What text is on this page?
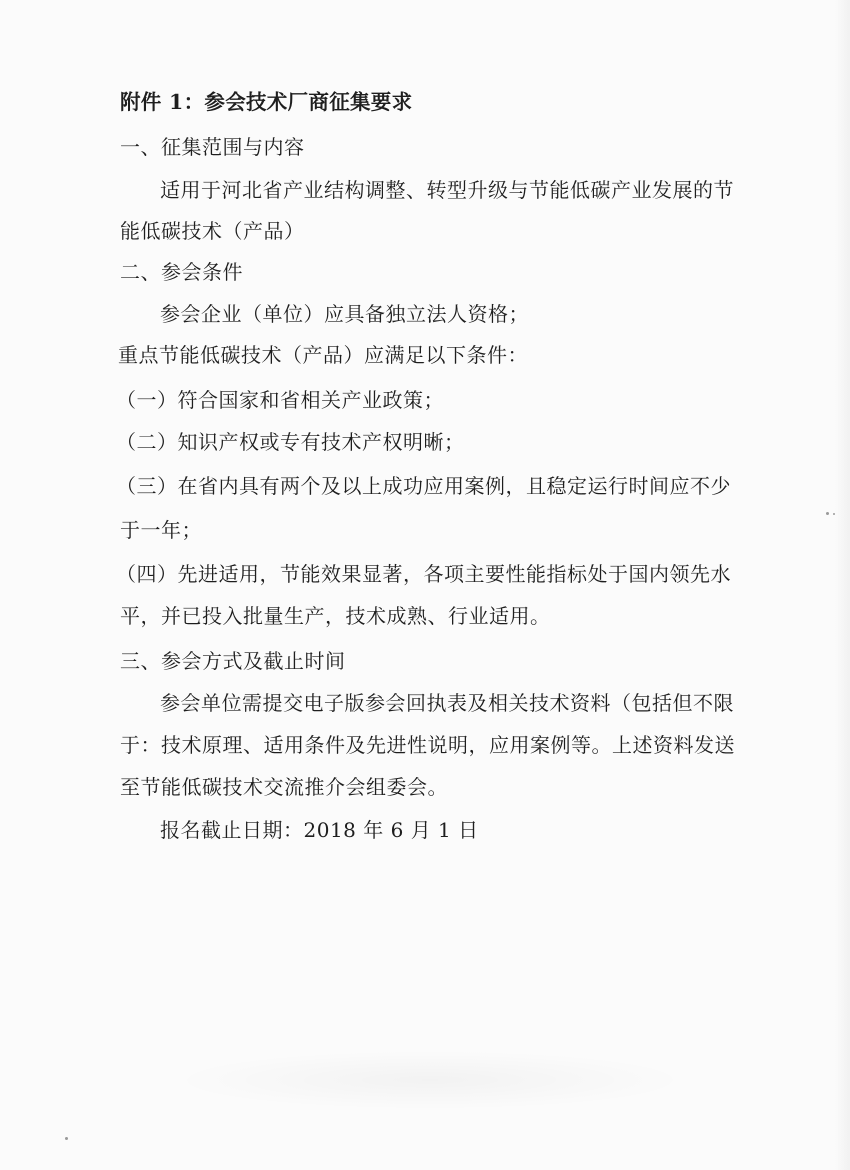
附件 1：参会技术厂商征集要求
一、征集范围与内容
适用于河北省产业结构调整、转型升级与节能低碳产业发展的节
能低碳技术（产品）
二、参会条件
参会企业（单位）应具备独立法人资格；
重点节能低碳技术（产品）应满足以下条件：
（一）符合国家和省相关产业政策；
（二）知识产权或专有技术产权明晰；
（三）在省内具有两个及以上成功应用案例，且稳定运行时间应不少
于一年；
（四）先进适用，节能效果显著，各项主要性能指标处于国内领先水
平，并已投入批量生产，技术成熟、行业适用。
三、参会方式及截止时间
参会单位需提交电子版参会回执表及相关技术资料（包括但不限
于：技术原理、适用条件及先进性说明，应用案例等。上述资料发送
至节能低碳技术交流推介会组委会。
报名截止日期：2018 年 6 月 1 日
